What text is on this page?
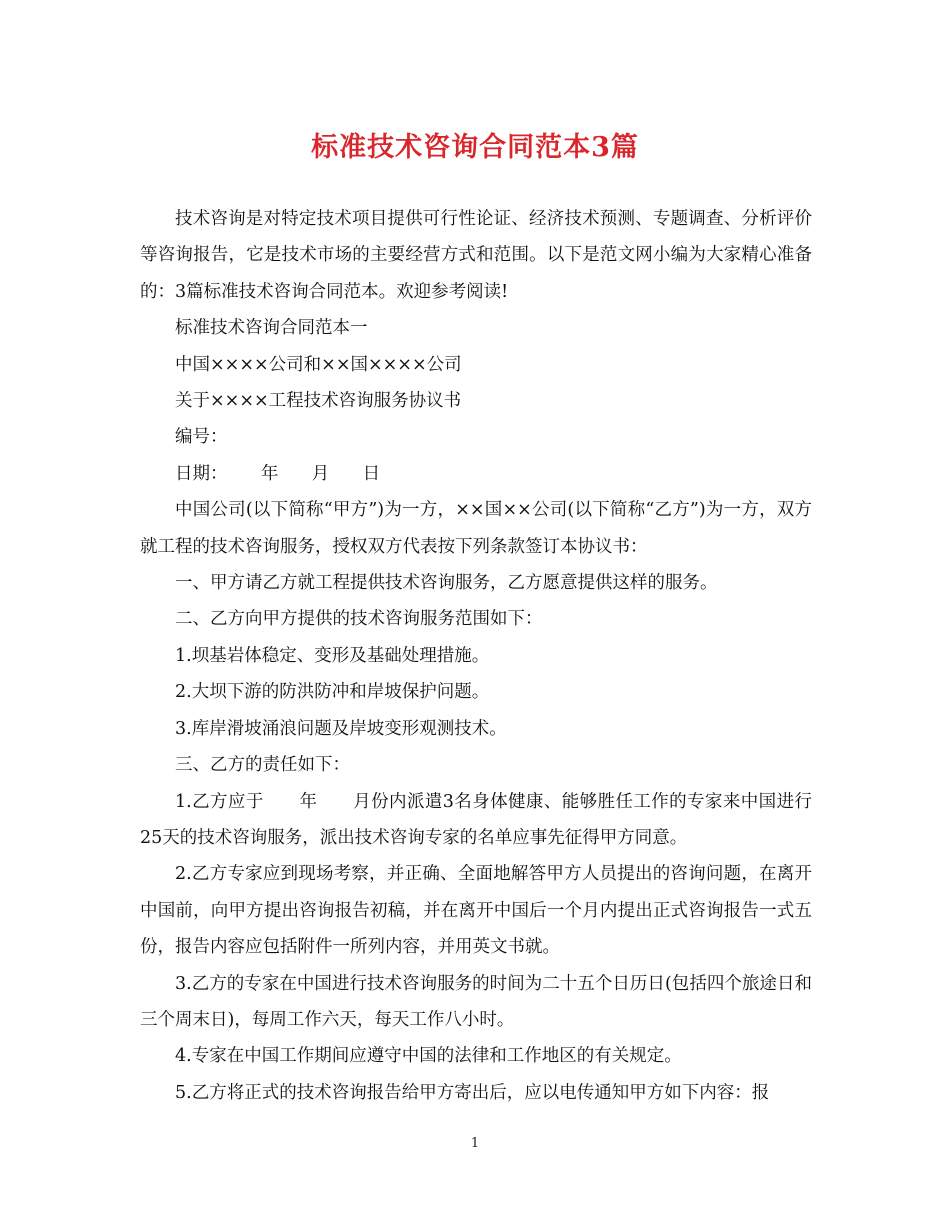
标准技术咨询合同范本3篇

技术咨询是对特定技术项目提供可行性论证、经济技术预测、专题调查、分析评价等咨询报告，它是技术市场的主要经营方式和范围。以下是范文网小编为大家精心准备的：3篇标准技术咨询合同范本。欢迎参考阅读!

标准技术咨询合同范本一

中国××××公司和××国××××公司

关于××××工程技术咨询服务协议书

编号：

日期：      年      月      日

中国公司(以下简称“甲方”)为一方，××国××公司(以下简称“乙方”)为一方，双方就工程的技术咨询服务，授权双方代表按下列条款签订本协议书：

一、甲方请乙方就工程提供技术咨询服务，乙方愿意提供这样的服务。

二、乙方向甲方提供的技术咨询服务范围如下：

1.坝基岩体稳定、变形及基础处理措施。

2.大坝下游的防洪防冲和岸坡保护问题。

3.库岸滑坡涌浪问题及岸坡变形观测技术。

三、乙方的责任如下：

1.乙方应于      年      月份内派遣3名身体健康、能够胜任工作的专家来中国进行25天的技术咨询服务，派出技术咨询专家的名单应事先征得甲方同意。

2.乙方专家应到现场考察，并正确、全面地解答甲方人员提出的咨询问题，在离开中国前，向甲方提出咨询报告初稿，并在离开中国后一个月内提出正式咨询报告一式五份，报告内容应包括附件一所列内容，并用英文书就。

3.乙方的专家在中国进行技术咨询服务的时间为二十五个日历日(包括四个旅途日和三个周末日)，每周工作六天，每天工作八小时。

4.专家在中国工作期间应遵守中国的法律和工作地区的有关规定。

5.乙方将正式的技术咨询报告给甲方寄出后，应以电传通知甲方如下内容：报

1
